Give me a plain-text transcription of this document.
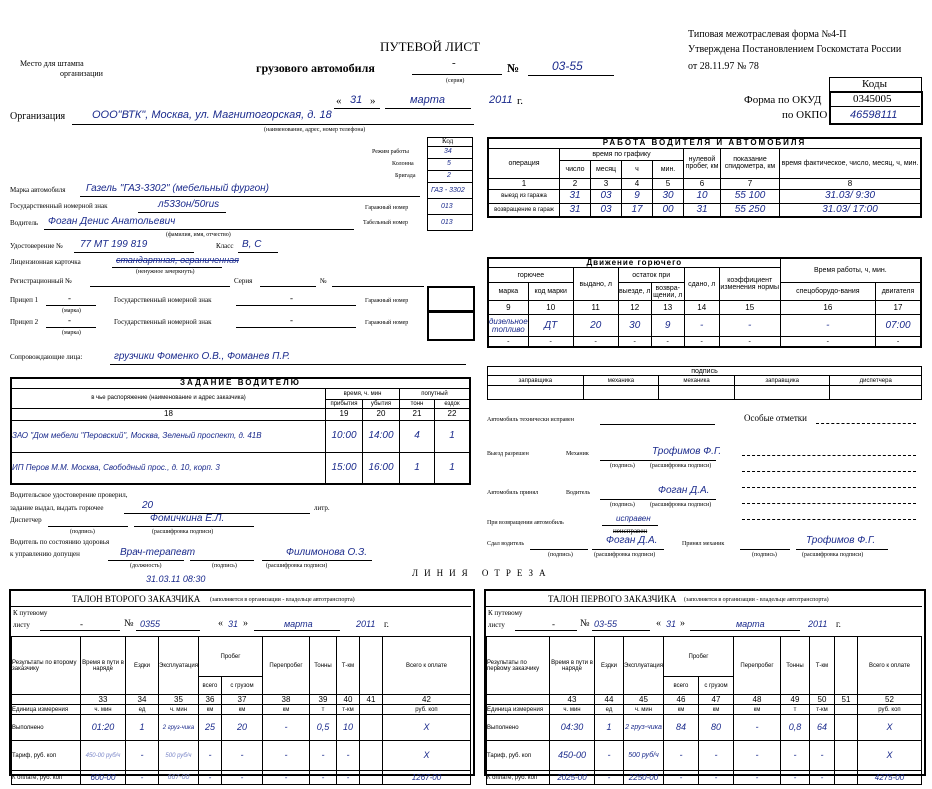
Место для штампа
организации
ПУТЕВОЙ ЛИСТ
грузового автомобиля	-
(серия)
№	03-55
Типовая межотраслевая форма №4-П
Утверждена Постановлением Госкомстата России
от 28.11.97 № 78
Коды
Форма по ОКУД	0345005
по ОКПО 46598111
« 31 »	марта	2011 г.
Организация ООО"ВТК", Москва, ул. Магнитогорская, д. 18
(наименование, адрес, номер телефона)
Код
Режим работы	34
Колонна	5
Бригада	2
Марка автомобиля Газель "ГАЗ-3302" (мебельный фургон)	ГАЗ - 3302
Государственный номерной знак	л533он/50rus	Гаражный номер	013
Водитель Фоган Денис Анатольевич
(фамилия, имя, отчество)
Табельный номер	013
Удостоверение № 77 МТ 199 819	Класс В, С
Лицензионная карточка	стандартная, ограниченная
(ненужное зачеркнуть)
Регистрационный №	Серия	№
Прицеп 1	-
(марка)
Государственный номерной знак	-	Гаражный номер
Прицеп 2	-
(марка)
Государственный номерной знак	-	Гаражный номер
Сопровождающие лица:	грузчики Фоменко О.В., Фоманев П.Р.
РАБОТА ВОДИТЕЛЯ И АВТОМОБИЛЯ							
операция	время по графику				нулевой пробег, км	показание спидометра, км	время фактическое, число, месяц, ч, мин.
	число	месяц	ч	мин.			
1	2	3	4	5	6	7	8
выезд из гаража	31	03	9	30	10	55 100	31.03/ 9:30
возвращение в гараж	31	03	17	00	31	55 250	31.03/ 17:00
Движение горючего							Время работы, ч, мин.	
горючее		выдано, л	остаток при		сдано, л	коэффициент изменения нормы		
марка	код марки		выезде, л	возвра-щении, л			спецоборудо-вания	двигателя
9	10	11	12	13	14	15	16	17
дизельное топливо	ДТ	20	30	9	-	-	-	07:00
-	-	-	-	-	-	-	-	-
подпись				
заправщика	механика	механика	заправщика	диспетчера

ЗАДАНИЕ ВОДИТЕЛЮ				
в чье распоряжение (наименование и адрес заказчика)	время, ч. мин		попутный	
	прибытия	убытия	тонн	ездок
18	19	20	21	22
ЗАО "Дом мебели "Перовский", Москва, Зеленый проспект, д. 41В	10:00	14:00	4	1
ИП Перов М.М. Москва, Свободный прос., д. 10, корп. 3	15:00	16:00	1	1
Водительское удостоверение проверил,
задание выдал, выдать горючее	20	литр.
Диспетчер
(подпись)
Фомичкина Е.Л.
(расшифровка подписи)
Водитель по состоянию здоровья
к управлению допущен	Врач-терапевт
(должность)	(подпись)
Филимонова О.З.
(расшифровка подписи)
31.03.11 08:30
ЛИНИЯ ОТРЕЗА
Автомобиль технически исправен	Особые отметки
Выезд разрешен	Механик
(подпись)
Трофимов Ф.Г.
(расшифровка подписи)
Автомобиль принял	Водитель
(подпись)
Фоган Д.А.
(расшифровка подписи)
При возвращении автомобиль	исправен
неисправен
Сдал водитель
(подпись)
Фоган Д.А.
(расшифровка подписи)
Принял механик
(подпись)
Трофимов Ф.Г.
(расшифровка подписи)
ТАЛОН ВТОРОГО ЗАКАЗЧИКА (заполняется в организации - владельце автотранспорта)
К путевому
листу	-	№ 0355	« 31 »	марта	2011 г.
Результаты по второму заказчику	Время в пути в наряде	Ездки	Эксплуатация	Пробег		Перепробег	Тонны	Т-км		Всего к оплате
				всего	с грузом					
	33	34	35	36	37	38	39	40	41	42
Единица измерения	ч. мин	ед	ч. мин	км	км	км	т	т-км		руб. коп
Выполнено	01:20	1	2 груз-чика	25	20	-	0,5	10		Х
Тариф, руб. коп	450-00 руб/ч	-	500 руб/ч	-	-	-	-	-		Х
К оплате, руб. коп	600-00	-	667-00	-	-	-	-	-		1267-00
ТАЛОН ПЕРВОГО ЗАКАЗЧИКА (заполняется в организации - владельце автотранспорта)
К путевому
листу	-	№ 03-55	« 31 »	марта	2011 г.
Результаты по первому заказчику	Время в пути в наряде	Ездки	Эксплуатация	Пробег		Перепробег	Тонны	Т-км		Всего к оплате
				всего	с грузом					
	43	44	45	46	47	48	49	50	51	52
Единица измерения	ч. мин	ед	ч. мин	км	км	км	т	т-км		руб. коп
Выполнено	04:30	1	2 груз-чика	84	80	-	0,8	64		Х
Тариф, руб. коп	450-00	-	500 руб/ч	-	-	-	-	-		Х
К оплате, руб. коп	2025-00	-	2250-00	-	-	-	-	-		4275-00
